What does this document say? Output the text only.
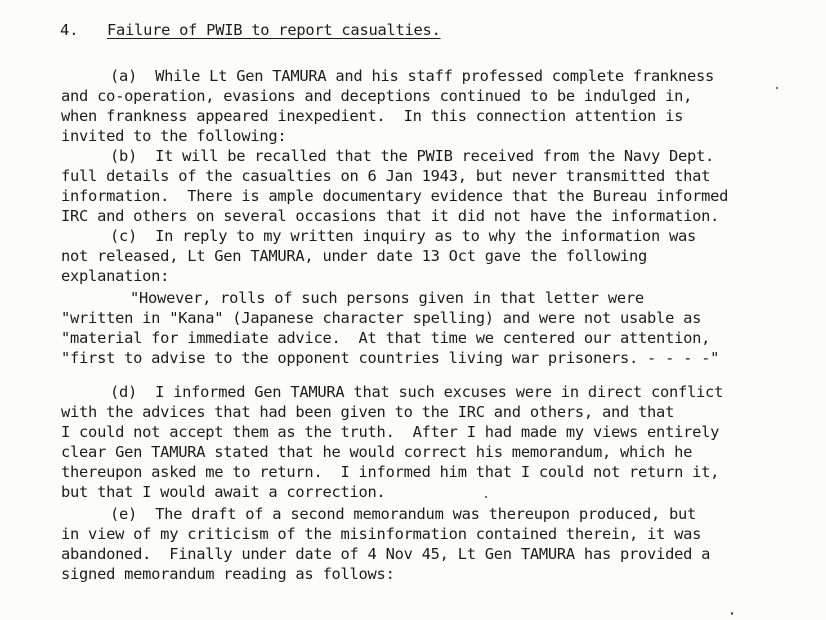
4. Failure of PWIB to report casualties.
(a)  While Lt Gen TAMURA and his staff professed complete frankness
and co-operation, evasions and deceptions continued to be indulged in,
when frankness appeared inexpedient.  In this connection attention is
invited to the following:
(b)  It will be recalled that the PWIB received from the Navy Dept.
full details of the casualties on 6 Jan 1943, but never transmitted that
information.  There is ample documentary evidence that the Bureau informed
IRC and others on several occasions that it did not have the information.
(c)  In reply to my written inquiry as to why the information was
not released, Lt Gen TAMURA, under date 13 Oct gave the following
explanation:
"However, rolls of such persons given in that letter were
"written in "Kana" (Japanese character spelling) and were not usable as
"material for immediate advice.  At that time we centered our attention,
"first to advise to the opponent countries living war prisoners. - - - -"
(d)  I informed Gen TAMURA that such excuses were in direct conflict
with the advices that had been given to the IRC and others, and that
I could not accept them as the truth.  After I had made my views entirely
clear Gen TAMURA stated that he would correct his memorandum, which he
thereupon asked me to return.  I informed him that I could not return it,
but that I would await a correction.
(e)  The draft of a second memorandum was thereupon produced, but
in view of my criticism of the misinformation contained therein, it was
abandoned.  Finally under date of 4 Nov 45, Lt Gen TAMURA has provided a
signed memorandum reading as follows:
